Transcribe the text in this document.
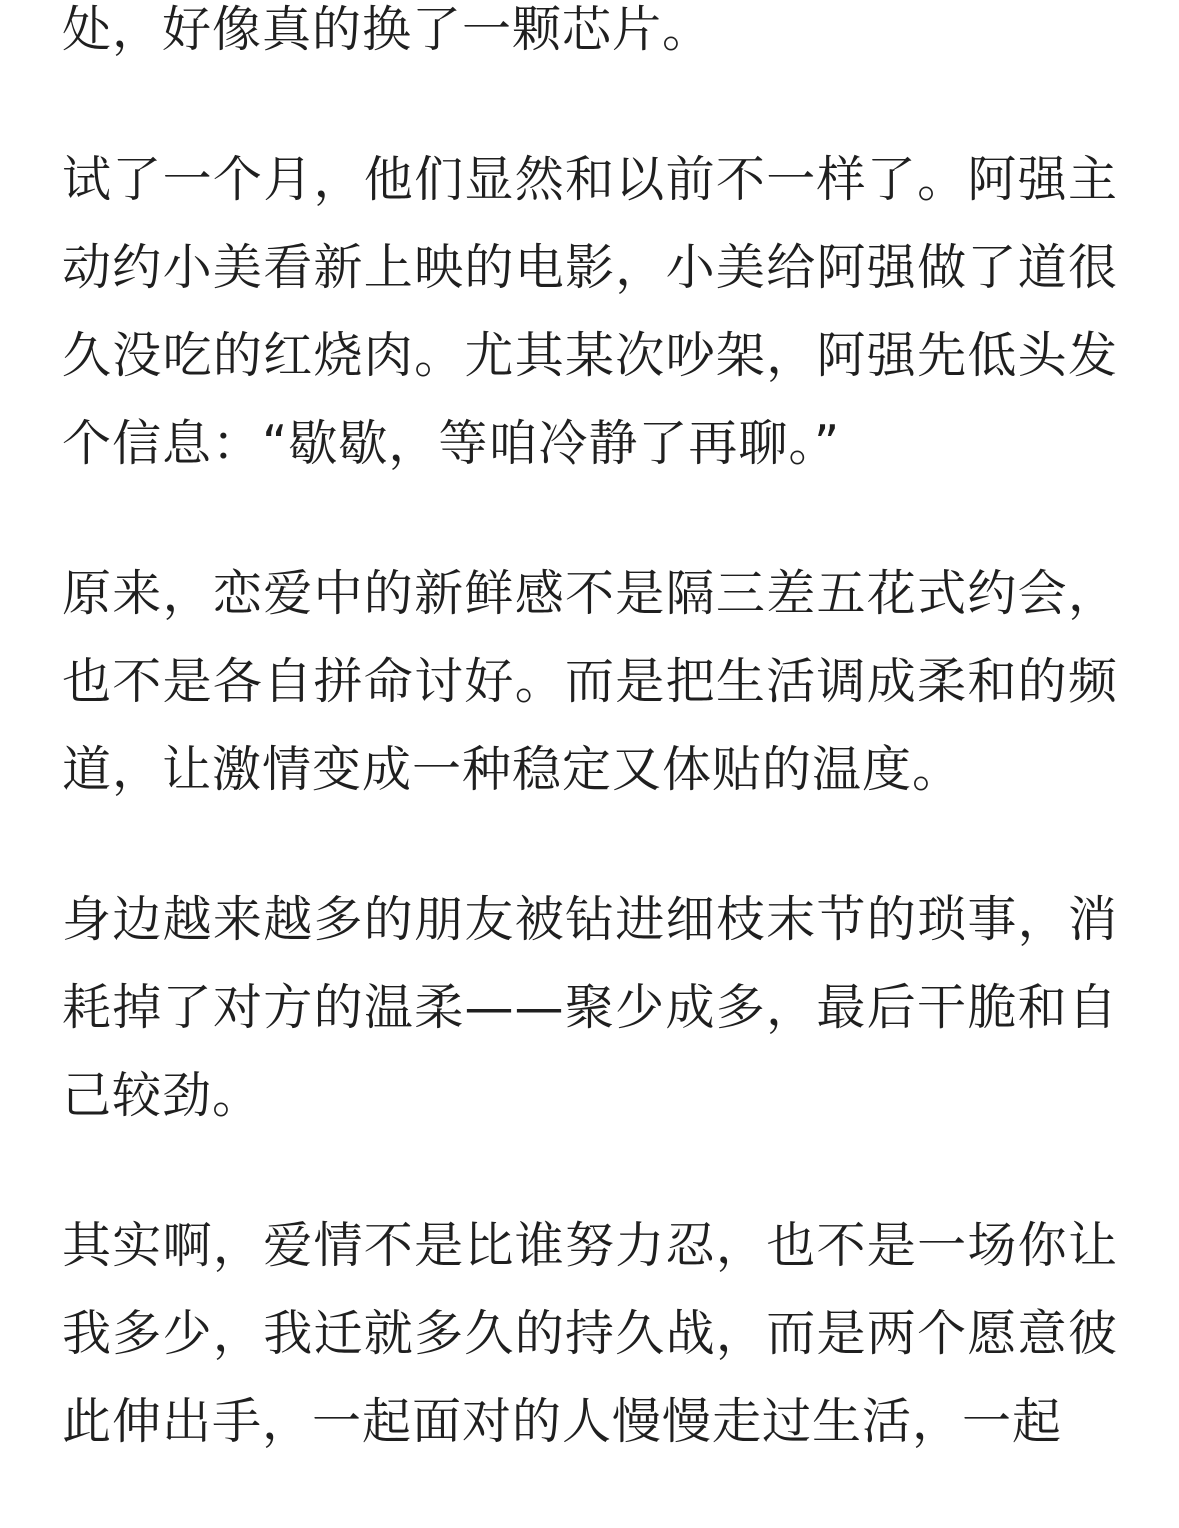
处，好像真的换了一颗芯片。

试了一个月，他们显然和以前不一样了。阿强主动约小美看新上映的电影，小美给阿强做了道很久没吃的红烧肉。尤其某次吵架，阿强先低头发个信息：“歇歇，等咱冷静了再聊。”

原来，恋爱中的新鲜感不是隔三差五花式约会，也不是各自拼命讨好。而是把生活调成柔和的频道，让激情变成一种稳定又体贴的温度。

身边越来越多的朋友被钻进细枝末节的琐事，消耗掉了对方的温柔——聚少成多，最后干脆和自己较劲。

其实啊，爱情不是比谁努力忍，也不是一场你让我多少，我迁就多久的持久战，而是两个愿意彼此伸出手，一起面对的人慢慢走过生活，一起
